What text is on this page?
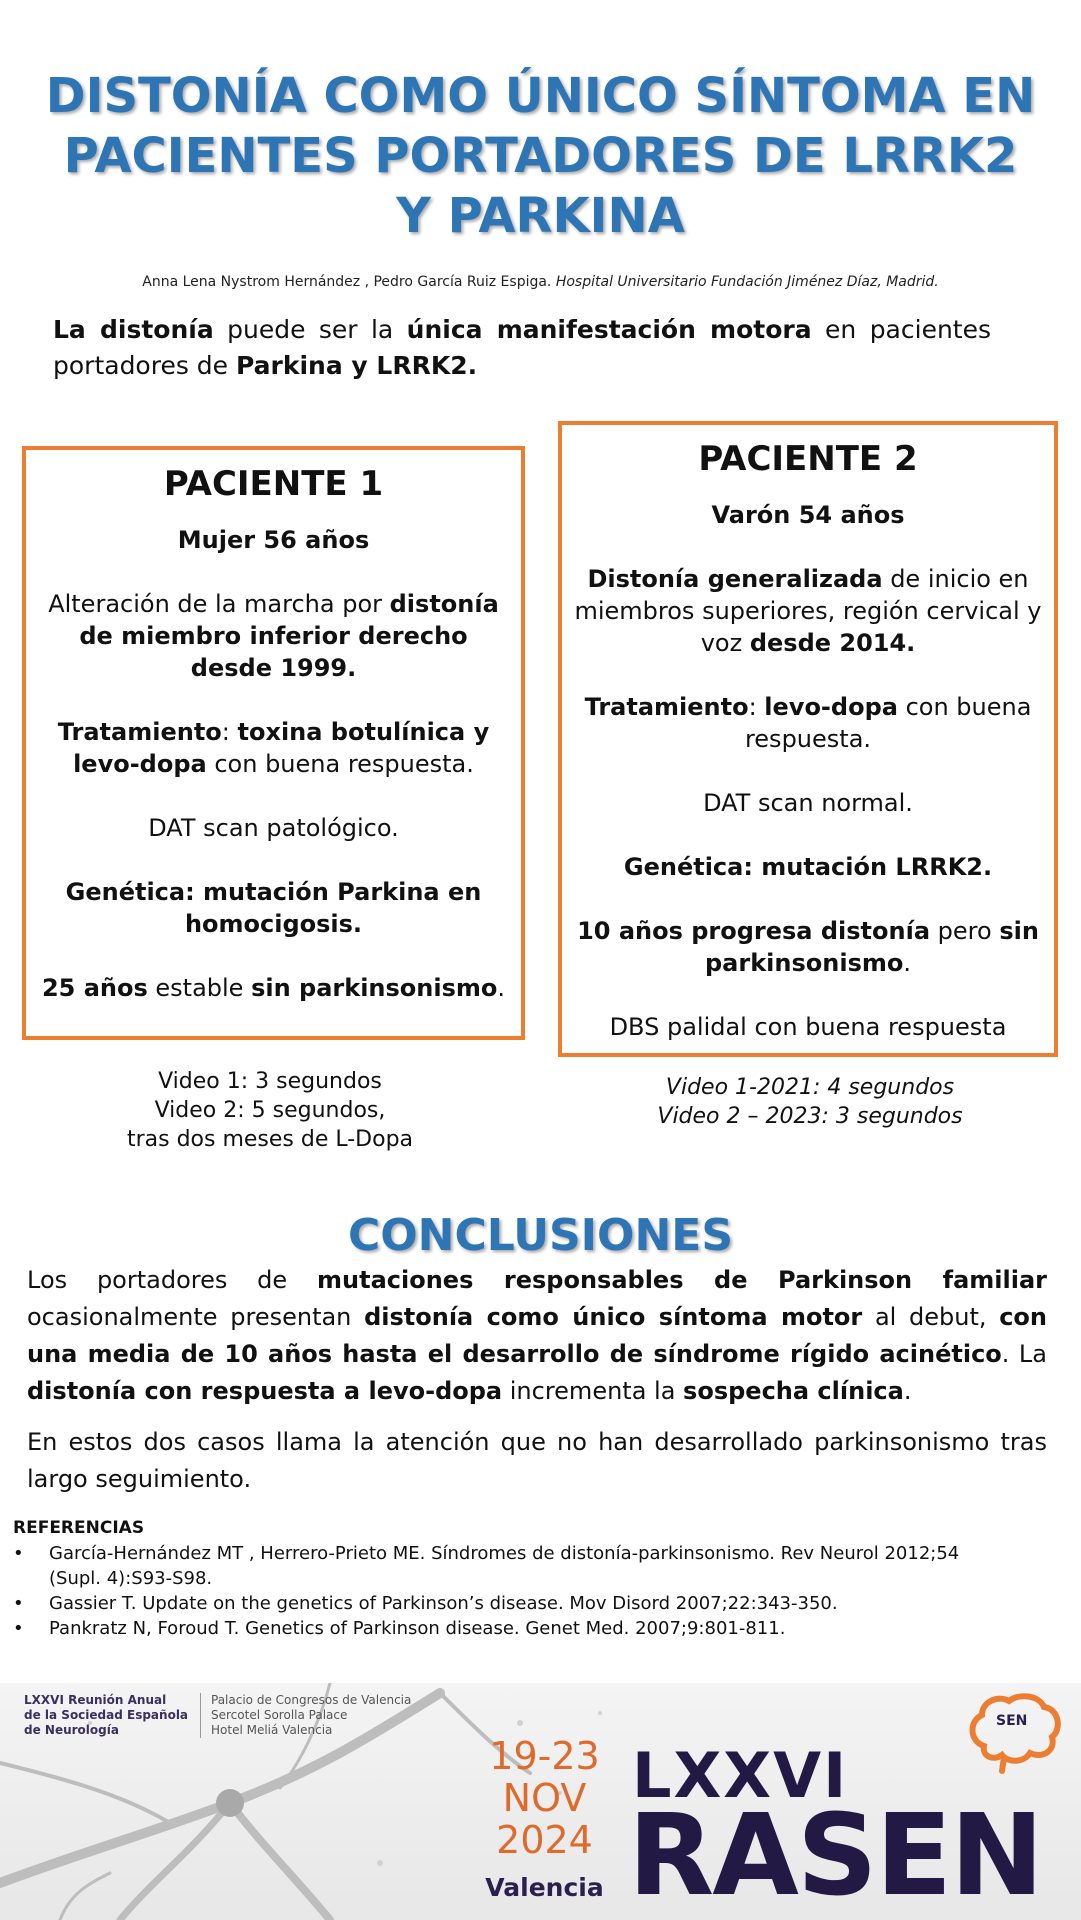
DISTONÍA COMO ÚNICO SÍNTOMA EN PACIENTES PORTADORES DE LRRK2 Y PARKINA
Anna Lena Nystrom Hernández , Pedro García Ruiz Espiga. Hospital Universitario Fundación Jiménez Díaz, Madrid.
La distonía puede ser la única manifestación motora en pacientes portadores de Parkina y LRRK2.
PACIENTE 1

Mujer 56 años

Alteración de la marcha por distonía de miembro inferior derecho desde 1999.

Tratamiento: toxina botulínica y levo-dopa con buena respuesta.

DAT scan patológico.

Genética: mutación Parkina en homocigosis.

25 años estable sin parkinsonismo.

PACIENTE 2

Varón 54 años

Distonía generalizada de inicio en miembros superiores, región cervical y voz desde 2014.

Tratamiento: levo-dopa con buena respuesta.

DAT scan normal.

Genética: mutación LRRK2.

10 años progresa distonía pero sin parkinsonismo.

DBS palidal con buena respuesta

Video 1: 3 segundos
Video 2: 5 segundos,
tras dos meses de L-Dopa
Video 1-2021: 4 segundos
Video 2 – 2023: 3 segundos
CONCLUSIONES
Los portadores de mutaciones responsables de Parkinson familiar ocasionalmente presentan distonía como único síntoma motor al debut, con una media de 10 años hasta el desarrollo de síndrome rígido acinético. La distonía con respuesta a levo-dopa incrementa la sospecha clínica.
En estos dos casos llama la atención que no han desarrollado parkinsonismo tras largo seguimiento.
REFERENCIAS
• García-Hernández MT , Herrero-Prieto ME. Síndromes de distonía-parkinsonismo. Rev Neurol 2012;54 (Supl. 4):S93-S98.
• Gassier T. Update on the genetics of Parkinson’s disease. Mov Disord 2007;22:343-350.
• Pankratz N, Foroud T. Genetics of Parkinson disease. Genet Med. 2007;9:801-811.
LXXVI Reunión Anual
de la Sociedad Española
de Neurología
Palacio de Congresos de Valencia
Sercotel Sorolla Palace
Hotel Meliá Valencia
19-23
NOV
2024
Valencia
LXXVI
RASEN
SEN
